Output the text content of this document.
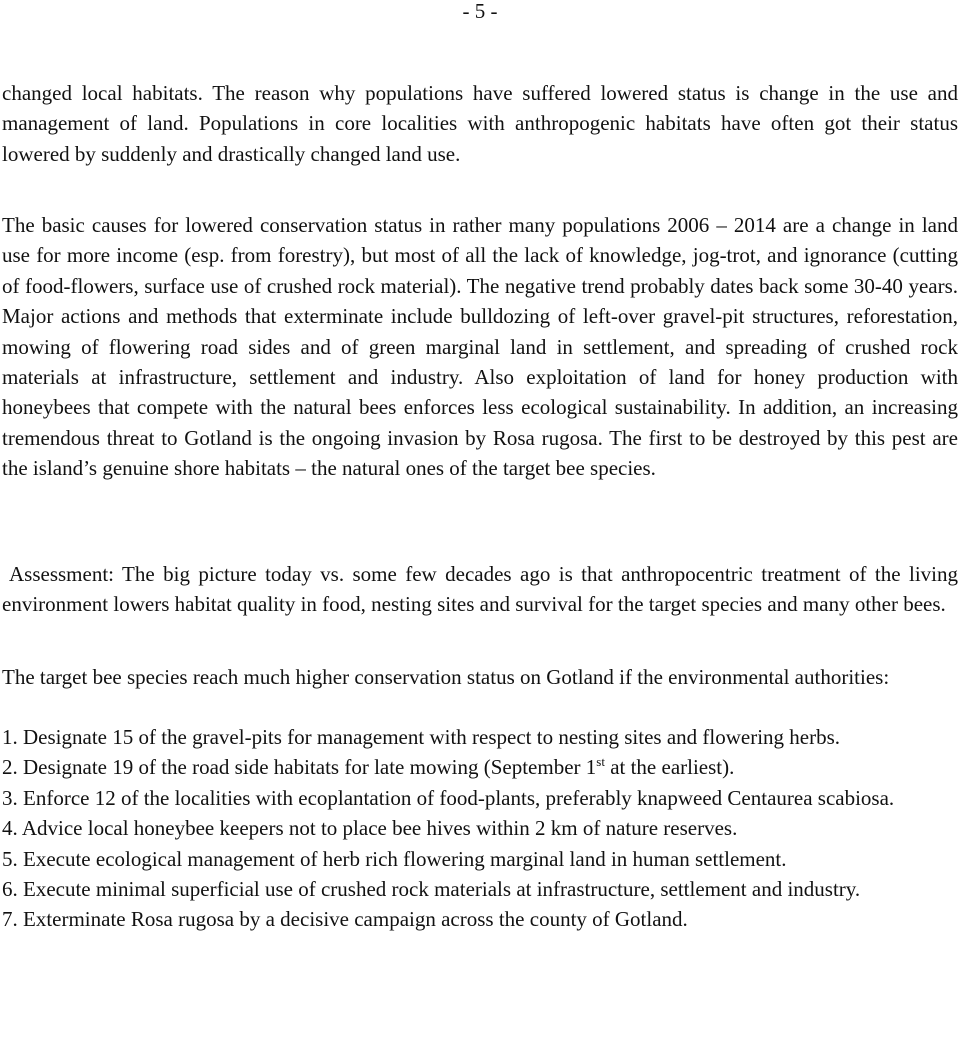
- 5 -

changed local habitats. The reason why populations have suffered lowered status is change in the use and management of land. Populations in core localities with anthropogenic habitats have often got their status lowered by suddenly and drastically changed land use.

The basic causes for lowered conservation status in rather many populations 2006 – 2014 are a change in land use for more income (esp. from forestry), but most of all the lack of knowledge, jog-trot, and ignorance (cutting of food-flowers, surface use of crushed rock material). The negative trend probably dates back some 30-40 years. Major actions and methods that exterminate include bulldozing of left-over gravel-pit structures, reforestation, mowing of flowering road sides and of green marginal land in settlement, and spreading of crushed rock materials at infrastructure, settlement and industry. Also exploitation of land for honey production with honeybees that compete with the natural bees enforces less ecological sustainability. In addition, an increasing tremendous threat to Gotland is the ongoing invasion by Rosa rugosa. The first to be destroyed by this pest are the island’s genuine shore habitats – the natural ones of the target bee species.

Assessment: The big picture today vs. some few decades ago is that anthropocentric treatment of the living environment lowers habitat quality in food, nesting sites and survival for the target species and many other bees.

The target bee species reach much higher conservation status on Gotland if the environmental authorities:

1. Designate 15 of the gravel-pits for management with respect to nesting sites and flowering herbs.

2. Designate 19 of the road side habitats for late mowing (September 1st at the earliest).

3. Enforce 12 of the localities with ecoplantation of food-plants, preferably knapweed Centaurea scabiosa.

4. Advice local honeybee keepers not to place bee hives within 2 km of nature reserves.

5. Execute ecological management of herb rich flowering marginal land in human settlement.

6. Execute minimal superficial use of crushed rock materials at infrastructure, settlement and industry.

7. Exterminate Rosa rugosa by a decisive campaign across the county of Gotland.
